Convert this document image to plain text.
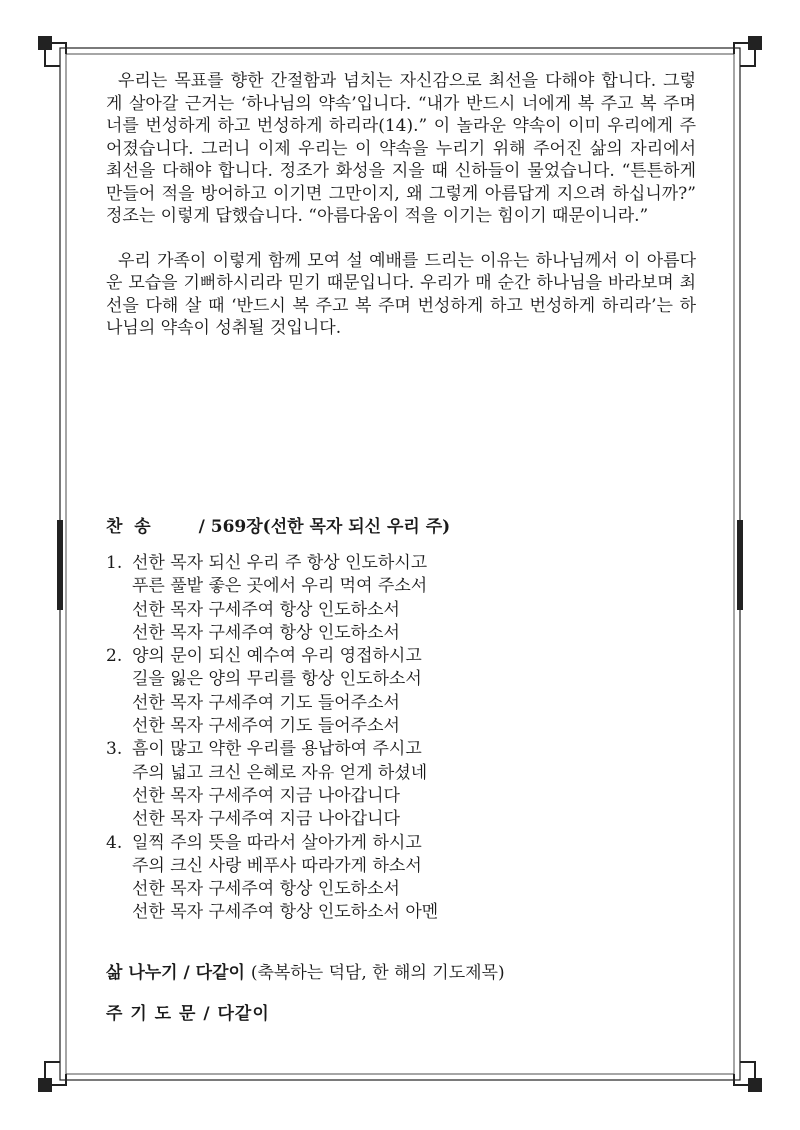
우리는 목표를 향한 간절함과 넘치는 자신감으로 최선을 다해야 합니다. 그렇게 살아갈 근거는 ‘하나님의 약속’입니다. “내가 반드시 너에게 복 주고 복 주며 너를 번성하게 하고 번성하게 하리라(14).” 이 놀라운 약속이 이미 우리에게 주어졌습니다. 그러니 이제 우리는 이 약속을 누리기 위해 주어진 삶의 자리에서 최선을 다해야 합니다. 정조가 화성을 지을 때 신하들이 물었습니다. “튼튼하게 만들어 적을 방어하고 이기면 그만이지, 왜 그렇게 아름답게 지으려 하십니까?” 정조는 이렇게 답했습니다. “아름다움이 적을 이기는 힘이기 때문이니라.”

우리 가족이 이렇게 함께 모여 설 예배를 드리는 이유는 하나님께서 이 아름다운 모습을 기뻐하시리라 믿기 때문입니다. 우리가 매 순간 하나님을 바라보며 최선을 다해 살 때 ‘반드시 복 주고 복 주며 번성하게 하고 번성하게 하리라’는 하나님의 약속이 성취될 것입니다.

찬  송	/ 569장(선한 목자 되신 우리 주)
1. 선한 목자 되신 우리 주 항상 인도하시고
푸른 풀밭 좋은 곳에서 우리 먹여 주소서
선한 목자 구세주여 항상 인도하소서
선한 목자 구세주여 항상 인도하소서
2. 양의 문이 되신 예수여 우리 영접하시고
길을 잃은 양의 무리를 항상 인도하소서
선한 목자 구세주여 기도 들어주소서
선한 목자 구세주여 기도 들어주소서
3. 흠이 많고 약한 우리를 용납하여 주시고
주의 넓고 크신 은혜로 자유 얻게 하셨네
선한 목자 구세주여 지금 나아갑니다
선한 목자 구세주여 지금 나아갑니다
4. 일찍 주의 뜻을 따라서 살아가게 하시고
주의 크신 사랑 베푸사 따라가게 하소서
선한 목자 구세주여 항상 인도하소서
선한 목자 구세주여 항상 인도하소서 아멘
삶 나누기 / 다같이 (축복하는 덕담, 한 해의 기도제목)
주 기 도 문 / 다같이
